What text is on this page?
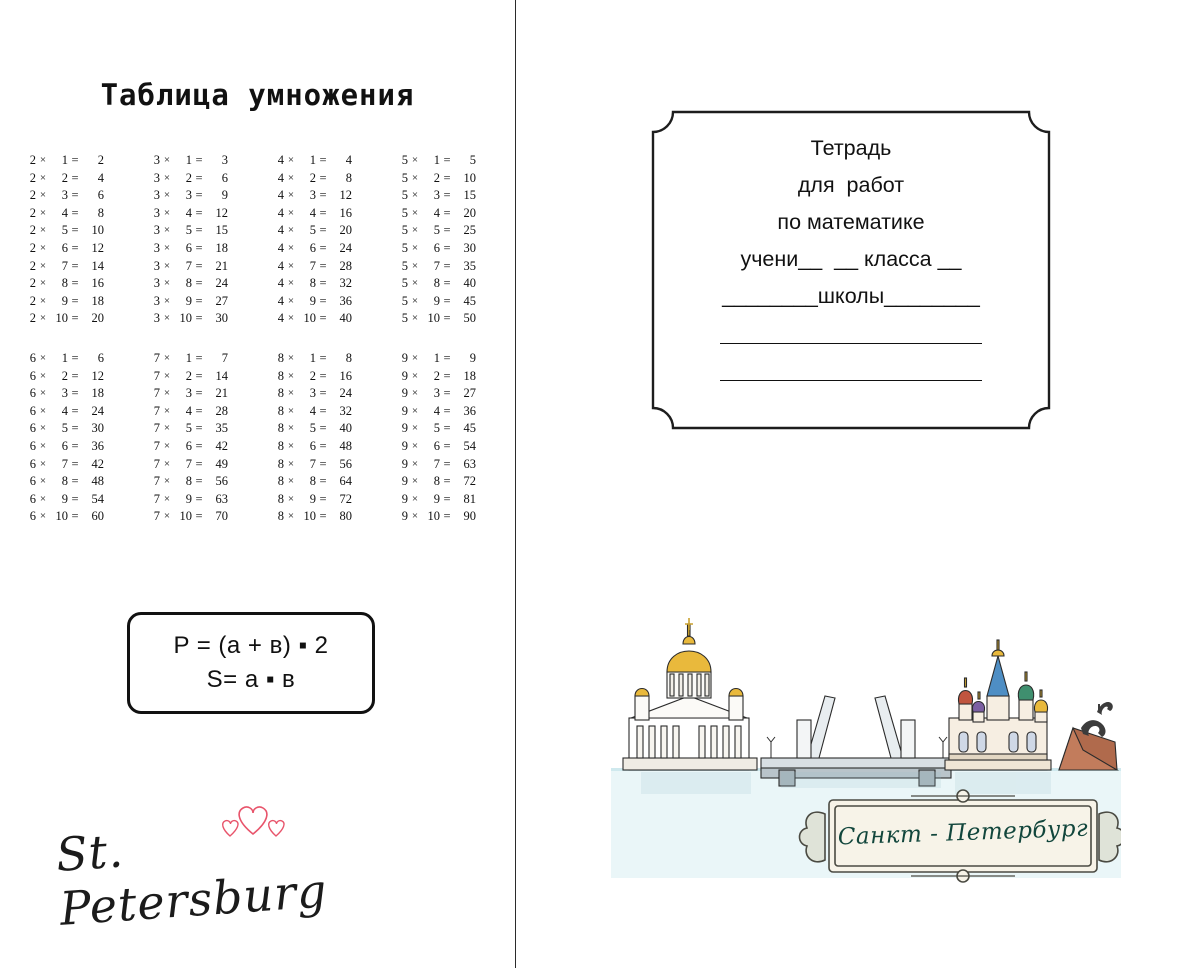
Таблица умножения
2 ×	1 =	2
2 ×	2 =	4
2 ×	3 =	6
2 ×	4 =	8
2 ×	5 =	10
2 ×	6 =	12
2 ×	7 =	14
2 ×	8 =	16
2 ×	9 =	18
2 × 10 =	20
3 ×	1 =	3
3 ×	2 =	6
3 ×	3 =	9
3 ×	4 =	12
3 ×	5 =	15
3 ×	6 =	18
3 ×	7 =	21
3 ×	8 =	24
3 ×	9 =	27
3 × 10 =	30
4 ×	1 =	4
4 ×	2 =	8
4 ×	3 =	12
4 ×	4 =	16
4 ×	5 =	20
4 ×	6 =	24
4 ×	7 =	28
4 ×	8 =	32
4 ×	9 =	36
4 × 10 =	40
5 ×	1 =	5
5 ×	2 =	10
5 ×	3 =	15
5 ×	4 =	20
5 ×	5 =	25
5 ×	6 =	30
5 ×	7 =	35
5 ×	8 =	40
5 ×	9 =	45
5 × 10 =	50
6 ×	1 =	6
6 ×	2 =	12
6 ×	3 =	18
6 ×	4 =	24
6 ×	5 =	30
6 ×	6 =	36
6 ×	7 =	42
6 ×	8 =	48
6 ×	9 =	54
6 × 10 =	60
7 ×	1 =	7
7 ×	2 =	14
7 ×	3 =	21
7 ×	4 =	28
7 ×	5 =	35
7 ×	6 =	42
7 ×	7 =	49
7 ×	8 =	56
7 ×	9 =	63
7 × 10 =	70
8 ×	1 =	8
8 ×	2 =	16
8 ×	3 =	24
8 ×	4 =	32
8 ×	5 =	40
8 ×	6 =	48
8 ×	7 =	56
8 ×	8 =	64
8 ×	9 =	72
8 × 10 =	80
9 ×	1 =	9
9 ×	2 =	18
9 ×	3 =	27
9 ×	4 =	36
9 ×	5 =	45
9 ×	6 =	54
9 ×	7 =	63
9 ×	8 =	72
9 ×	9 =	81
9 × 10 =	90
P = (a + в) ▪ 2
S= a ▪ в
St. Petersburg
Тетрадь
для  работ
по математике
учени__  __ класса __
________школы________
Санкт - Петербург
